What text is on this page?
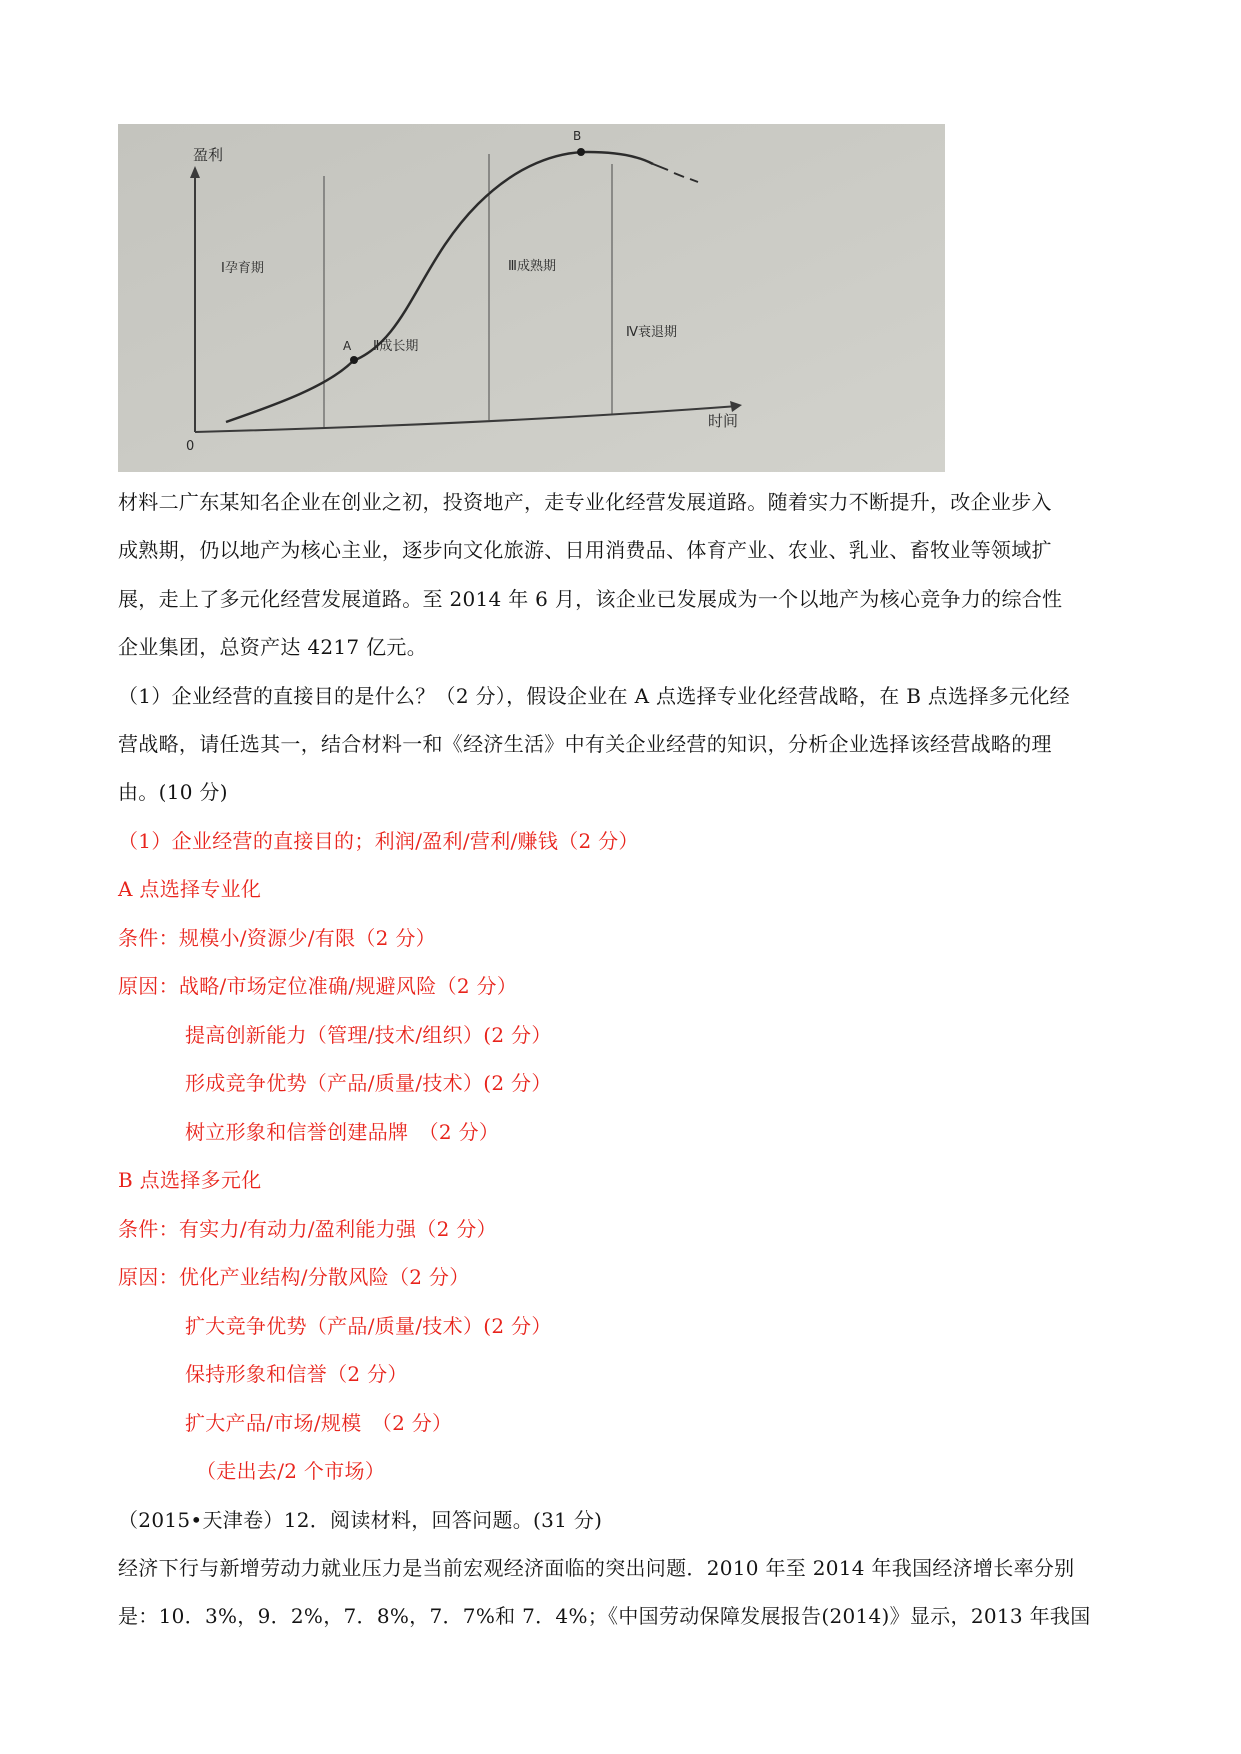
盈利
时间
0
Ⅰ孕育期
Ⅱ成长期
Ⅲ成熟期
Ⅳ衰退期
A
B
材料二广东某知名企业在创业之初，投资地产，走专业化经营发展道路。随着实力不断提升，改企业步入
成熟期，仍以地产为核心主业，逐步向文化旅游、日用消费品、体育产业、农业、乳业、畜牧业等领域扩
展，走上了多元化经营发展道路。至 2014 年 6 月，该企业已发展成为一个以地产为核心竞争力的综合性
企业集团，总资产达 4217 亿元。
（1）企业经营的直接目的是什么？（2 分），假设企业在 A 点选择专业化经营战略，在 B 点选择多元化经
营战略，请任选其一，结合材料一和《经济生活》中有关企业经营的知识，分析企业选择该经营战略的理
由。(10 分)
（1）企业经营的直接目的；利润/盈利/营利/赚钱（2 分）
A 点选择专业化
条件：规模小/资源少/有限（2 分）
原因：战略/市场定位准确/规避风险（2 分）
提高创新能力（管理/技术/组织）(2 分）
形成竞争优势（产品/质量/技术）(2 分）
树立形象和信誉创建品牌　（2 分）
B 点选择多元化
条件：有实力/有动力/盈利能力强（2 分）
原因：优化产业结构/分散风险（2 分）
扩大竞争优势（产品/质量/技术）(2 分）
保持形象和信誉（2 分）
扩大产品/市场/规模　（2 分）
（走出去/2 个市场）
（2015•天津卷）12．阅读材料，回答问题。(31 分)
经济下行与新增劳动力就业压力是当前宏观经济面临的突出问题．2010 年至 2014 年我国经济增长率分别
是：10．3%，9．2%，7．8%，7．7%和 7．4%；《中国劳动保障发展报告(2014)》显示，2013 年我国
